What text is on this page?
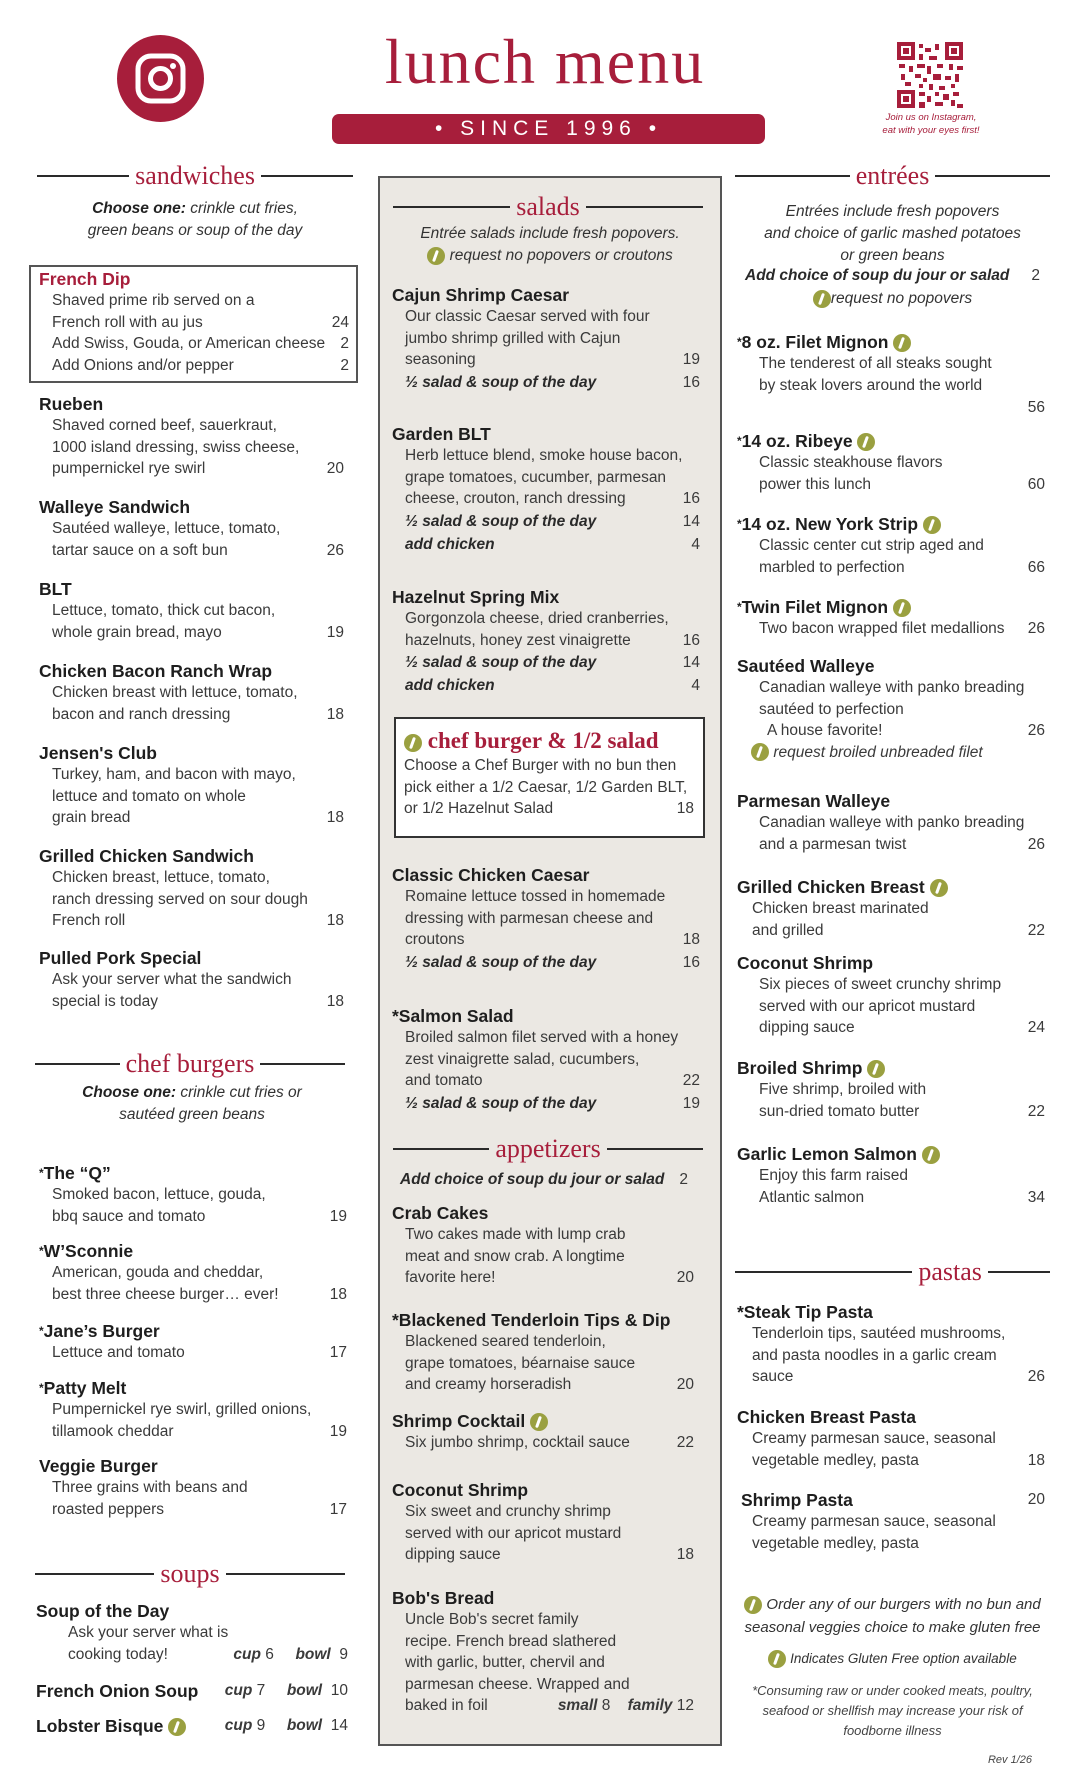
lunch menu
• SINCE 1996 •	Join us on Instagram,
eat with your eyes first!
sandwiches
Choose one: crinkle cut fries,
green beans or soup of the day
French Dip
Shaved prime rib served on a
French roll with au jus	24
Add Swiss, Gouda, or American cheese 2
Add Onions and/or pepper	2
Rueben
Shaved corned beef, sauerkraut,
1000 island dressing, swiss cheese,
pumpernickel rye swirl	20
Walleye Sandwich
Sautéed walleye, lettuce, tomato,
tartar sauce on a soft bun	26
BLT
Lettuce, tomato, thick cut bacon,
whole grain bread, mayo	19
Chicken Bacon Ranch Wrap
Chicken breast with lettuce, tomato,
bacon and ranch dressing	18
Jensen's Club
Turkey, ham, and bacon with mayo,
lettuce and tomato on whole
grain bread	18
Grilled Chicken Sandwich
Chicken breast, lettuce, tomato,
ranch dressing served on sour dough
French roll	18
Pulled Pork Special
Ask your server what the sandwich
special is today	18
chef burgers
Choose one: crinkle cut fries or
sautéed green beans
*The “Q”
Smoked bacon, lettuce, gouda,
bbq sauce and tomato	19
*W’Sconnie
American, gouda and cheddar,
best three cheese burger… ever!	18
*Jane’s Burger
Lettuce and tomato	17
*Patty Melt
Pumpernickel rye swirl, grilled onions,
tillamook cheddar	19
Veggie Burger
Three grains with beans and
roasted peppers	17
soups
Soup of the Day
Ask your server what is
cooking today!	cup 6 bowl 9
French Onion Soup cup 7 bowl 10
Lobster Bisque	cup 9 bowl 14
salads
Entrée salads include fresh popovers.
request no popovers or croutons
Cajun Shrimp Caesar
Our classic Caesar served with four
jumbo shrimp grilled with Cajun
seasoning	19
½ salad & soup of the day	16
Garden BLT
Herb lettuce blend, smoke house bacon,
grape tomatoes, cucumber, parmesan
cheese, crouton, ranch dressing	16
½ salad & soup of the day	14
add chicken	4
Hazelnut Spring Mix
Gorgonzola cheese, dried cranberries,
hazelnuts, honey zest vinaigrette	16
½ salad & soup of the day	14
add chicken	4
chef burger & 1/2 salad
Choose a Chef Burger with no bun then
pick either a 1/2 Caesar, 1/2 Garden BLT,
or 1/2 Hazelnut Salad	18
Classic Chicken Caesar
Romaine lettuce tossed in homemade
dressing with parmesan cheese and
croutons	18
½ salad & soup of the day	16
*Salmon Salad
Broiled salmon filet served with a honey
zest vinaigrette salad, cucumbers,
and tomato	22
½ salad & soup of the day	19
appetizers
Add choice of soup du jour or salad 2
Crab Cakes
Two cakes made with lump crab
meat and snow crab. A longtime
favorite here!	20
*Blackened Tenderloin Tips & Dip
Blackened seared tenderloin,
grape tomatoes, béarnaise sauce
and creamy horseradish	20
Shrimp Cocktail
Six jumbo shrimp, cocktail sauce	22
Coconut Shrimp
Six sweet and crunchy shrimp
served with our apricot mustard
dipping sauce	18
Bob's Bread
Uncle Bob's secret family
recipe. French bread slathered
with garlic, butter, chervil and
parmesan cheese. Wrapped and
baked in foil	small 8 family 12
entrées
Entrées include fresh popovers
and choice of garlic mashed potatoes
or green beans
Add choice of soup du jour or salad 2
request no popovers
*8 oz. Filet Mignon
The tenderest of all steaks sought
by steak lovers around the world
56
*14 oz. Ribeye
Classic steakhouse flavors
power this lunch	60
*14 oz. New York Strip
Classic center cut strip aged and
marbled to perfection	66
*Twin Filet Mignon
Two bacon wrapped filet medallions 26
Sautéed Walleye
Canadian walleye with panko breading
sautéed to perfection
A house favorite!	26
request broiled unbreaded filet
Parmesan Walleye
Canadian walleye with panko breading
and a parmesan twist	26
Grilled Chicken Breast
Chicken breast marinated
and grilled	22
Coconut Shrimp
Six pieces of sweet crunchy shrimp
served with our apricot mustard
dipping sauce	24
Broiled Shrimp
Five shrimp, broiled with
sun-dried tomato butter	22
Garlic Lemon Salmon
Enjoy this farm raised
Atlantic salmon	34
pastas
*Steak Tip Pasta
Tenderloin tips, sautéed mushrooms,
and pasta noodles in a garlic cream
sauce	26
Chicken Breast Pasta
Creamy parmesan sauce, seasonal
vegetable medley, pasta	18
Shrimp Pasta	20
Creamy parmesan sauce, seasonal
vegetable medley, pasta
Order any of our burgers with no bun and
seasonal veggies choice to make gluten free
Indicates Gluten Free option available
*Consuming raw or under cooked meats, poultry,
seafood or shellfish may increase your risk of
foodborne illness
Rev 1/26
